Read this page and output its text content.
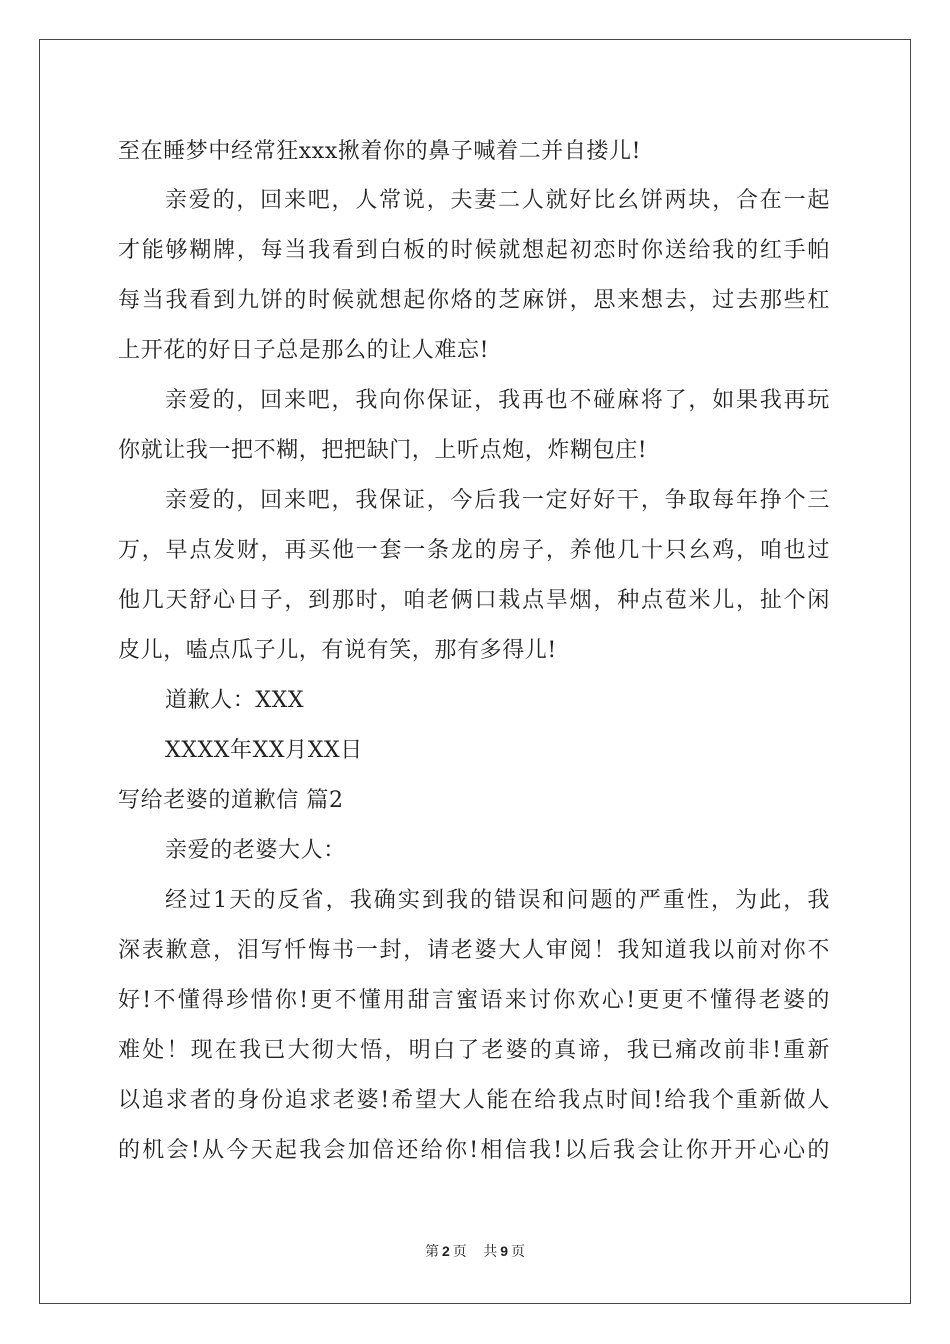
至在睡梦中经常狂xxx揪着你的鼻子喊着二并自搂儿!
亲爱的，回来吧，人常说，夫妻二人就好比幺饼两块，合在一起
才能够糊牌，每当我看到白板的时候就想起初恋时你送给我的红手帕
每当我看到九饼的时候就想起你烙的芝麻饼，思来想去，过去那些杠
上开花的好日子总是那么的让人难忘!
亲爱的，回来吧，我向你保证，我再也不碰麻将了，如果我再玩
你就让我一把不糊，把把缺门，上听点炮，炸糊包庄!
亲爱的，回来吧，我保证，今后我一定好好干，争取每年挣个三
万，早点发财，再买他一套一条龙的房子，养他几十只幺鸡，咱也过
他几天舒心日子，到那时，咱老俩口栽点旱烟，种点苞米儿，扯个闲
皮儿，嗑点瓜子儿，有说有笑，那有多得儿!
道歉人：XXX
XXXX年XX月XX日
写给老婆的道歉信 篇2
亲爱的老婆大人：
经过1天的反省，我确实到我的错误和问题的严重性，为此，我
深表歉意，泪写忏悔书一封，请老婆大人审阅！我知道我以前对你不
好!不懂得珍惜你!更不懂用甜言蜜语来讨你欢心!更更不懂得老婆的
难处！现在我已大彻大悟，明白了老婆的真谛，我已痛改前非!重新
以追求者的身份追求老婆!希望大人能在给我点时间!给我个重新做人
的机会!从今天起我会加倍还给你!相信我!以后我会让你开开心心的
第 2 页 共 9 页
